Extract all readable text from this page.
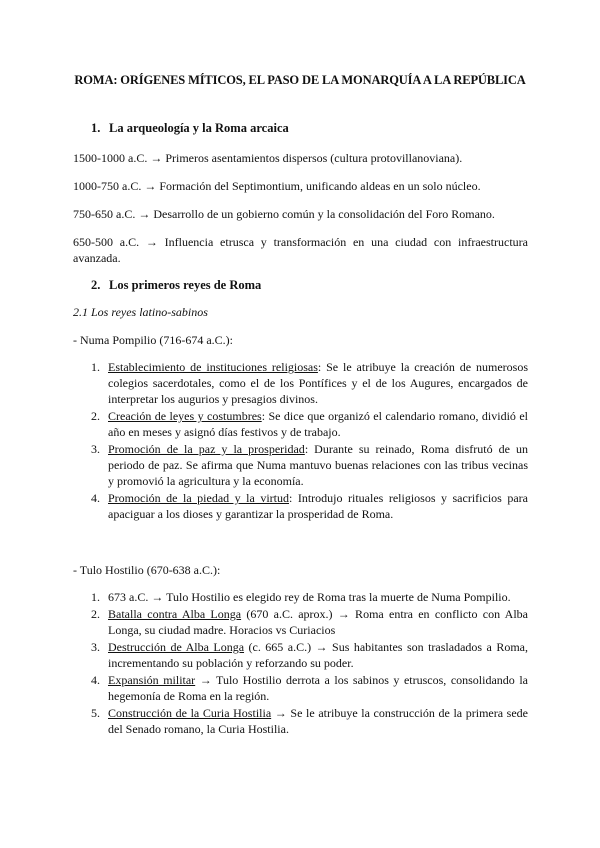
ROMA: ORÍGENES MÍTICOS, EL PASO DE LA MONARQUÍA A LA REPÚBLICA
1. La arqueología y la Roma arcaica
1500-1000 a.C. → Primeros asentamientos dispersos (cultura protovillanoviana).
1000-750 a.C. → Formación del Septimontium, unificando aldeas en un solo núcleo.
750-650 a.C. → Desarrollo de un gobierno común y la consolidación del Foro Romano.
650-500 a.C. → Influencia etrusca y transformación en una ciudad con infraestructura avanzada.
2. Los primeros reyes de Roma
2.1 Los reyes latino-sabinos
- Numa Pompilio (716-674 a.C.):
1. Establecimiento de instituciones religiosas: Se le atribuye la creación de numerosos colegios sacerdotales, como el de los Pontífices y el de los Augures, encargados de interpretar los augurios y presagios divinos.
2. Creación de leyes y costumbres: Se dice que organizó el calendario romano, dividió el año en meses y asignó días festivos y de trabajo.
3. Promoción de la paz y la prosperidad: Durante su reinado, Roma disfrutó de un periodo de paz. Se afirma que Numa mantuvo buenas relaciones con las tribus vecinas y promovió la agricultura y la economía.
4. Promoción de la piedad y la virtud: Introdujo rituales religiosos y sacrificios para apaciguar a los dioses y garantizar la prosperidad de Roma.
- Tulo Hostilio (670-638 a.C.):
1. 673 a.C. → Tulo Hostilio es elegido rey de Roma tras la muerte de Numa Pompilio.
2. Batalla contra Alba Longa (670 a.C. aprox.) → Roma entra en conflicto con Alba Longa, su ciudad madre. Horacios vs Curiacios
3. Destrucción de Alba Longa (c. 665 a.C.) → Sus habitantes son trasladados a Roma, incrementando su población y reforzando su poder.
4. Expansión militar → Tulo Hostilio derrota a los sabinos y etruscos, consolidando la hegemonía de Roma en la región.
5. Construcción de la Curia Hostilia → Se le atribuye la construcción de la primera sede del Senado romano, la Curia Hostilia.
